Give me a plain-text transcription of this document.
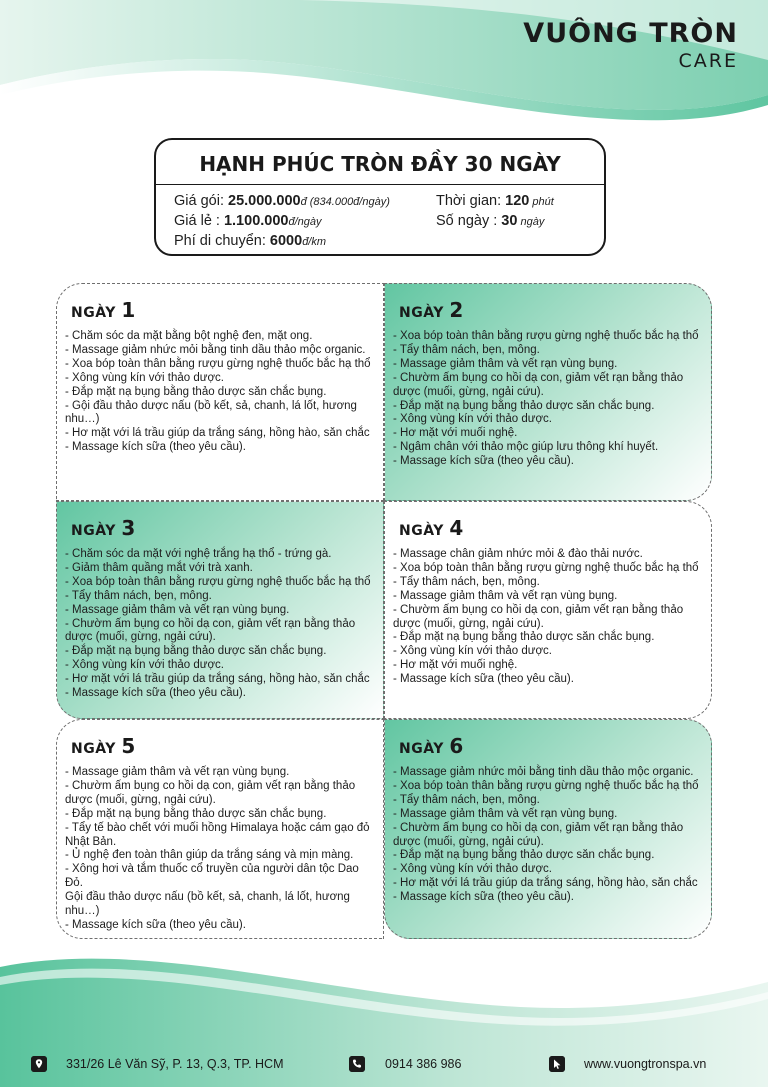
VUÔNG TRÒN
CARE
HẠNH PHÚC TRÒN ĐẦY 30 NGÀY
Giá gói: 25.000.000đ (834.000đ/ngày)
Giá lẻ : 1.100.000đ/ngày
Phí di chuyển: 6000đ/km
Thời gian: 120 phút
Số ngày : 30 ngày
NGÀY 1
- Chăm sóc da mặt bằng bột nghệ đen, mặt ong.
- Massage giảm nhức mỏi bằng tinh dầu thảo mộc organic.
- Xoa bóp toàn thân bằng rượu gừng nghệ thuốc bắc hạ thổ
- Xông vùng kín với thảo dược.
- Đắp mặt nạ bụng bằng thảo dược săn chắc bụng.
- Gội đầu thảo dược nấu (bồ kết, sả, chanh, lá lốt, hương nhu…)
- Hơ mặt với lá trầu giúp da trắng sáng, hồng hào, săn chắc
- Massage kích sữa (theo yêu cầu).
NGÀY 2
- Xoa bóp toàn thân bằng rượu gừng nghệ thuốc bắc hạ thổ
- Tẩy thâm nách, bẹn, mông.
- Massage giảm thâm và vết rạn vùng bụng.
- Chườm ấm bụng co hồi dạ con, giảm vết rạn bằng thảo dược (muối, gừng, ngải cứu).
- Đắp mặt nạ bụng bằng thảo dược săn chắc bụng.
- Xông vùng kín với thảo dược.
- Hơ mặt với muối nghệ.
- Ngâm chân với thảo mộc giúp lưu thông khí huyết.
- Massage kích sữa (theo yêu cầu).
NGÀY 3
- Chăm sóc da mặt với nghệ trắng hạ thổ - trứng gà.
- Giảm thâm quầng mắt với trà xanh.
- Xoa bóp toàn thân bằng rượu gừng nghệ thuốc bắc hạ thổ
- Tẩy thâm nách, bẹn, mông.
- Massage giảm thâm và vết rạn vùng bụng.
- Chườm ấm bụng co hồi dạ con, giảm vết rạn bằng thảo dược (muối, gừng, ngải cứu).
- Đắp mặt nạ bụng bằng thảo dược săn chắc bụng.
- Xông vùng kín với thảo dược.
- Hơ mặt với lá trầu giúp da trắng sáng, hồng hào, săn chắc
- Massage kích sữa (theo yêu cầu).
NGÀY 4
- Massage chân giảm nhức mỏi & đào thải nước.
- Xoa bóp toàn thân bằng rượu gừng nghệ thuốc bắc hạ thổ
- Tẩy thâm nách, bẹn, mông.
- Massage giảm thâm và vết rạn vùng bụng.
- Chườm ấm bụng co hồi dạ con, giảm vết rạn bằng thảo dược (muối, gừng, ngải cứu).
- Đắp mặt nạ bụng bằng thảo dược săn chắc bụng.
- Xông vùng kín với thảo dược.
- Hơ mặt với muối nghệ.
- Massage kích sữa (theo yêu cầu).
NGÀY 5
- Massage giảm thâm và vết rạn vùng bụng.
- Chườm ấm bụng co hồi dạ con, giảm vết rạn bằng thảo dược (muối, gừng, ngải cứu).
- Đắp mặt nạ bụng bằng thảo dược săn chắc bụng.
- Tẩy tế bào chết với muối hồng Himalaya hoặc cám gạo đỏ Nhật Bản.
- Ủ nghệ đen toàn thân giúp da trắng sáng và mịn màng.
- Xông hơi và tắm thuốc cổ truyền của người dân tộc Dao Đỏ.
Gội đầu thảo dược nấu (bồ kết, sả, chanh, lá lốt, hương nhu…)
- Massage kích sữa (theo yêu cầu).
NGÀY 6
- Massage giảm nhức mỏi bằng tinh dầu thảo mộc organic.
- Xoa bóp toàn thân bằng rượu gừng nghệ thuốc bắc hạ thổ
- Tẩy thâm nách, bẹn, mông.
- Massage giảm thâm và vết rạn vùng bụng.
- Chườm ấm bụng co hồi dạ con, giảm vết rạn bằng thảo dược (muối, gừng, ngải cứu).
- Đắp mặt nạ bụng bằng thảo dược săn chắc bụng.
- Xông vùng kín với thảo dược.
- Hơ mặt với lá trầu giúp da trắng sáng, hồng hào, săn chắc
- Massage kích sữa (theo yêu cầu).
331/26 Lê Văn Sỹ, P. 13, Q.3, TP. HCM	0914 386 986	www.vuongtronspa.vn
